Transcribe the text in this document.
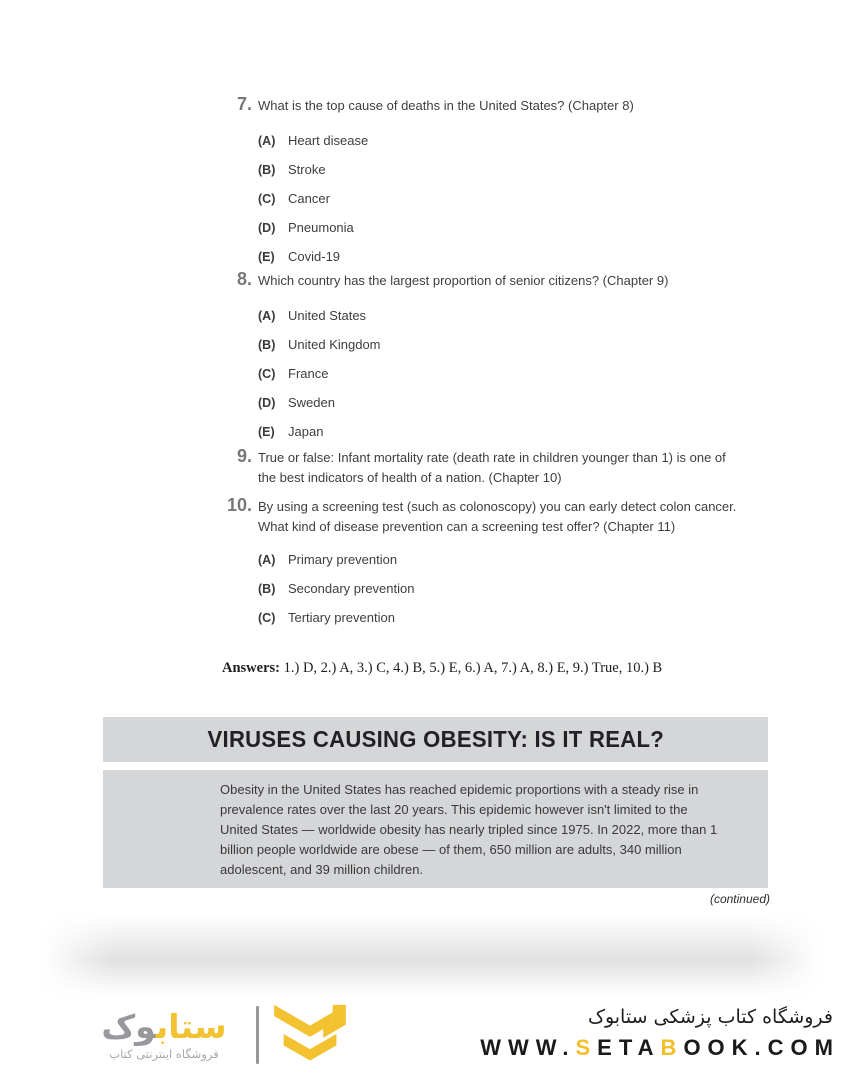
7. What is the top cause of deaths in the United States? (Chapter 8)
(A) Heart disease
(B) Stroke
(C) Cancer
(D) Pneumonia
(E)	Covid-19
8. Which country has the largest proportion of senior citizens? (Chapter 9)
(A) United States
(B) United Kingdom
(C) France
(D) Sweden
(E)	Japan
9. True or false: Infant mortality rate (death rate in children younger than 1) is one of the best indicators of health of a nation. (Chapter 10)
10. By using a screening test (such as colonoscopy) you can early detect colon cancer. What kind of disease prevention can a screening test offer? (Chapter 11)
(A) Primary prevention
(B) Secondary prevention
(C) Tertiary prevention
Answers: 1.) D, 2.) A, 3.) C, 4.) B, 5.) E, 6.) A, 7.) A, 8.) E, 9.) True, 10.) B
VIRUSES CAUSING OBESITY: IS IT REAL?
Obesity in the United States has reached epidemic proportions with a steady rise in prevalence rates over the last 20 years. This epidemic however isn't limited to the United States — worldwide obesity has nearly tripled since 1975. In 2022, more than 1 billion people worldwide are obese — of them, 650 million are adults, 340 million adolescent, and 39 million children.
(continued)
ستابوک
فروشگاه اینترنتی کتاب
فروشگاه کتاب پزشکی ستابوک
WWW.SETABOOK.COM
